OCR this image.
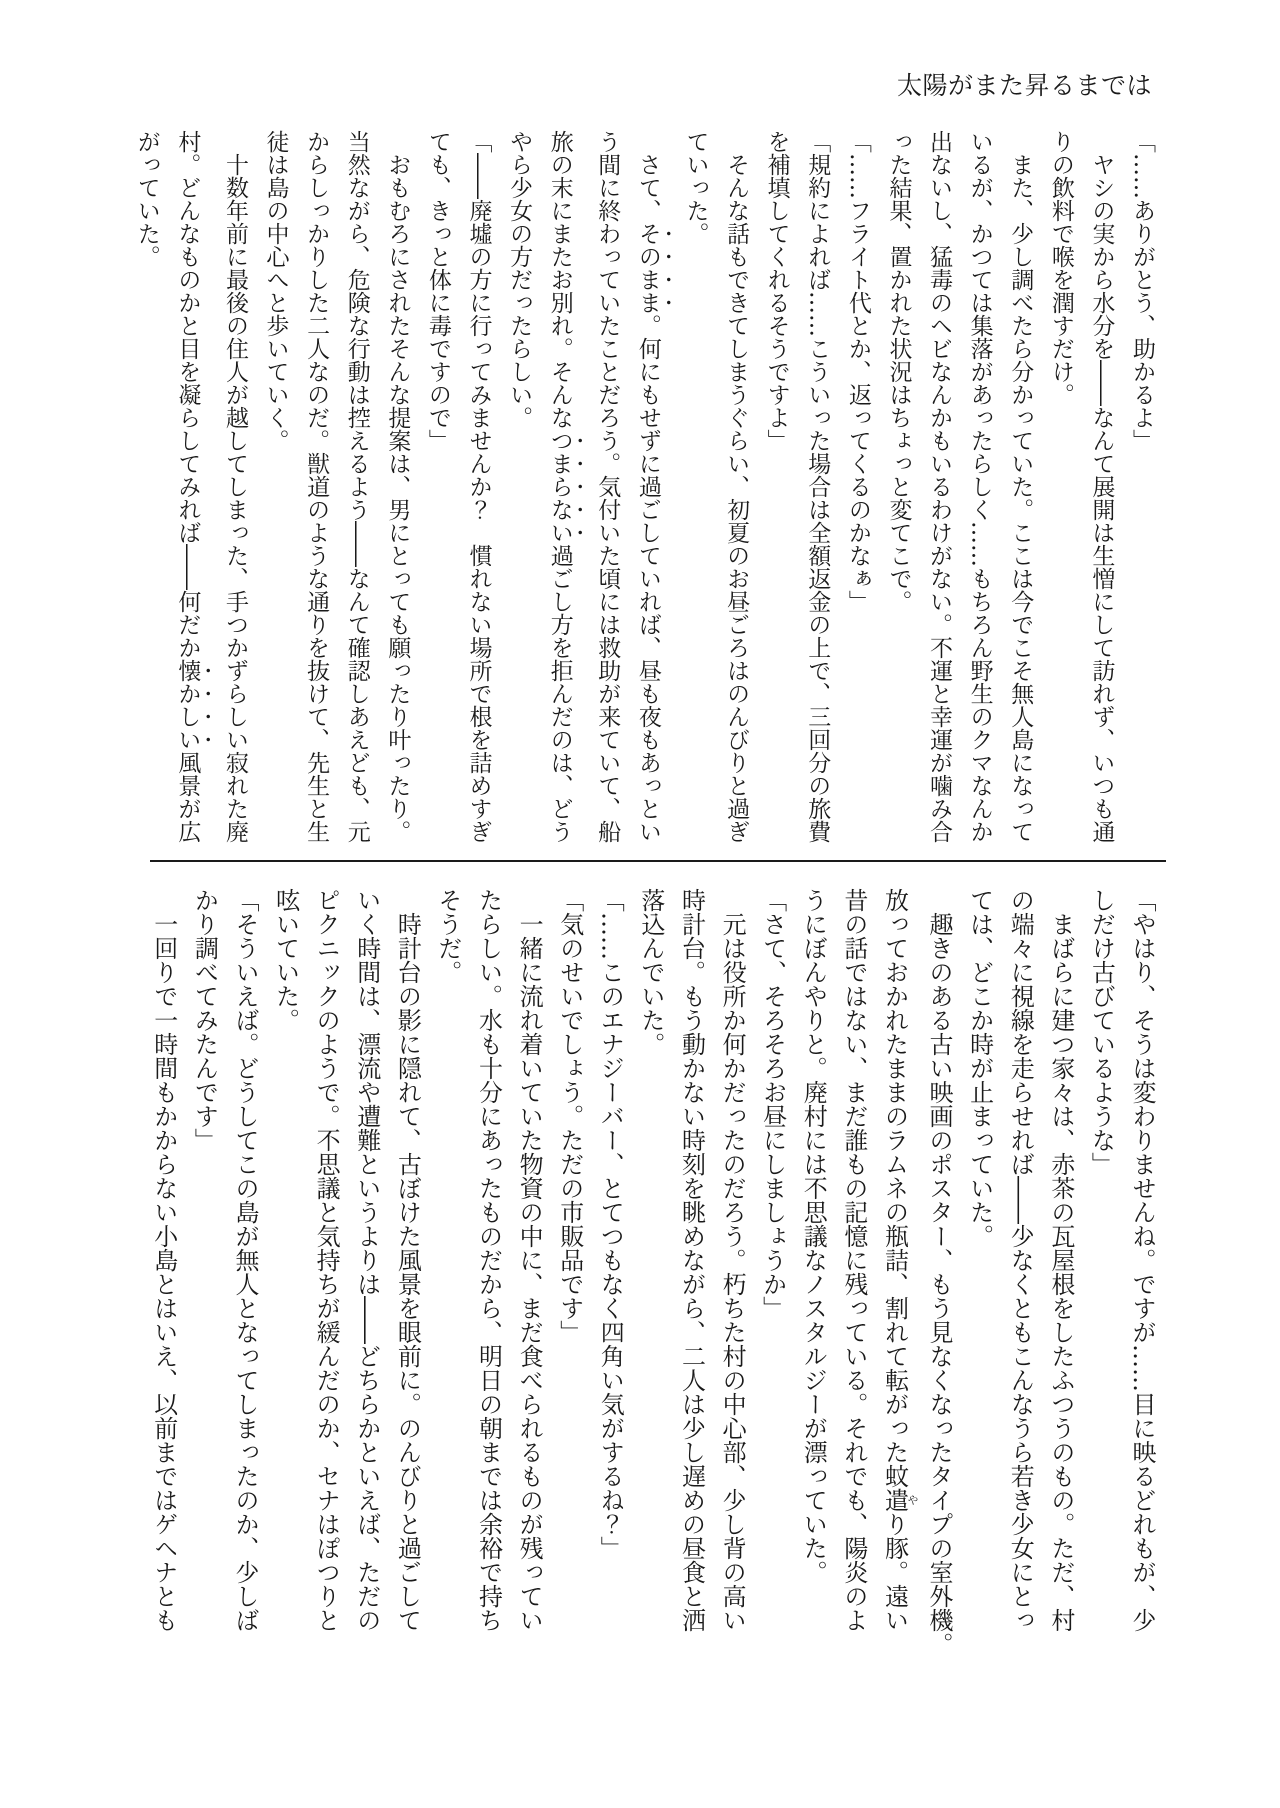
太陽がまた昇るまでは
「……ありがとう、助かるよ」
　ヤシの実から水分を――なんて展開は生憎にして訪れず、いつも通
りの飲料で喉を潤すだけ。
　また、少し調べたら分かっていた。ここは今でこそ無人島になって
いるが、かつては集落があったらしく……もちろん野生のクマなんか
出ないし、猛毒のヘビなんかもいるわけがない。不運と幸運が噛み合
った結果、置かれた状況はちょっと変てこで。
「……フライト代とか、返ってくるのかなぁ」
「規約によれば……こういった場合は全額返金の上で、三回分の旅費
を補填してくれるそうですよ」
　そんな話もできてしまうぐらい、初夏のお昼ごろはのんびりと過ぎ
ていった。
　さて、そのまま。何にもせずに過ごしていれば、昼も夜もあっとい
う間に終わっていたことだろう。気付いた頃には救助が来ていて、船
旅の末にまたお別れ。そんなつまらない過ごし方を拒んだのは、どう
やら少女の方だったらしい。
「――廃墟の方に行ってみませんか？　慣れない場所で根を詰めすぎ
ても、きっと体に毒ですので」
　おもむろにされたそんな提案は、男にとっても願ったり叶ったり。
当然ながら、危険な行動は控えるよう――なんて確認しあえども、元
からしっかりした二人なのだ。獣道のような通りを抜けて、先生と生
徒は島の中心へと歩いていく。
　十数年前に最後の住人が越してしまった、手つかずらしい寂れた廃
村。どんなものかと目を凝らしてみれば――何だか懐かしい風景が広
がっていた。
「やはり、そうは変わりませんね。ですが……目に映るどれもが、少
しだけ古びているような」
　まばらに建つ家々は、赤茶の瓦屋根をしたふつうのもの。ただ、村
の端々に視線を走らせれば――少なくともこんなうら若き少女にとっ
ては、どこか時が止まっていた。
　趣きのある古い映画のポスター、もう見なくなったタイプの室外機。
放っておかれたままのラムネの瓶詰、割れて転がった蚊遣やり豚。遠い
昔の話ではない、まだ誰もの記憶に残っている。それでも、陽炎のよ
うにぼんやりと。廃村には不思議なノスタルジーが漂っていた。
「さて、そろそろお昼にしましょうか」
　元は役所か何かだったのだろう。朽ちた村の中心部、少し背の高い
時計台。もう動かない時刻を眺めながら、二人は少し遅めの昼食と洒
落込んでいた。
「……このエナジーバー、とてつもなく四角い気がするね？」
「気のせいでしょう。ただの市販品です」
　一緒に流れ着いていた物資の中に、まだ食べられるものが残ってい
たらしい。水も十分にあったものだから、明日の朝までは余裕で持ち
そうだ。
　時計台の影に隠れて、古ぼけた風景を眼前に。のんびりと過ごして
いく時間は、漂流や遭難というよりは――どちらかといえば、ただの
ピクニックのようで。不思議と気持ちが緩んだのか、セナはぽつりと
呟いていた。
「そういえば。どうしてこの島が無人となってしまったのか、少しば
かり調べてみたんです」
　一回りで一時間もかからない小島とはいえ、以前まではゲヘナとも
